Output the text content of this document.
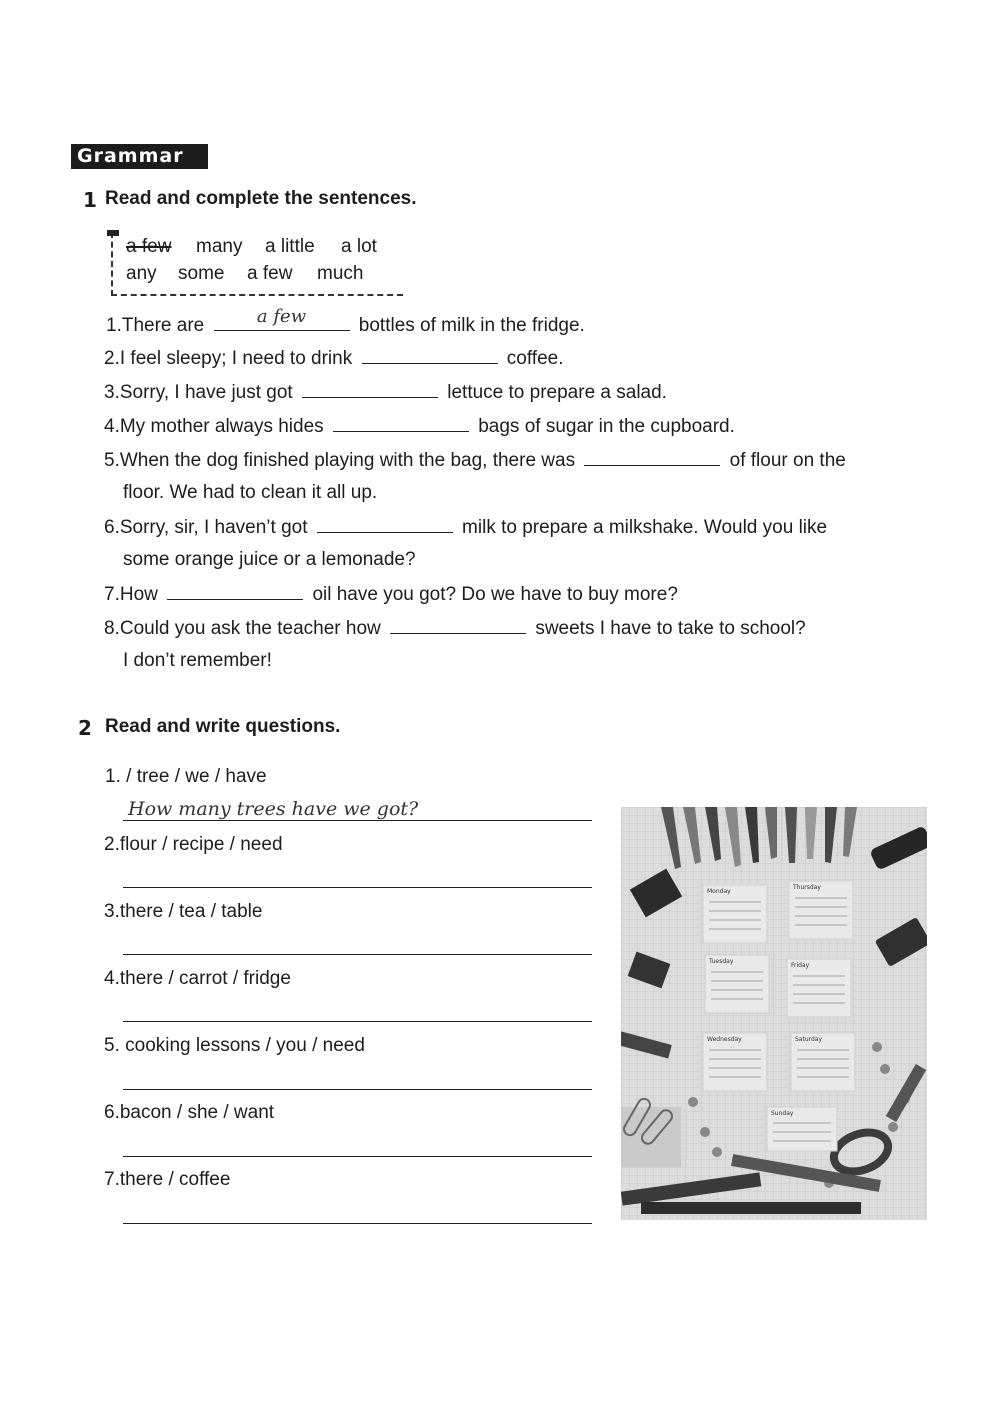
Grammar
1 Read and complete the sentences.
a few many a little a lot
any some a few much
1.There are	a few	bottles of milk in the fridge.
2.I feel sleepy; I need to drink	coffee.
3.Sorry, I have just got	lettuce to prepare a salad.
4.My mother always hides	bags of sugar in the cupboard.
5.When the dog finished playing with the bag, there was	of flour on the
floor. We had to clean it all up.
6.Sorry, sir, I haven’t got	milk to prepare a milkshake. Would you like
some orange juice or a lemonade?
7.How	oil have you got? Do we have to buy more?
8.Could you ask the teacher how	sweets I have to take to school?
I don’t remember!
2 Read and write questions.
1. / tree / we / have
How many trees have we got?
2.flour / recipe / need
3.there / tea / table
4.there / carrot / fridge
5. cooking lessons / you / need
6.bacon / she / want
7.there / coffee
Monday
Thursday
Tuesday
Friday
Wednesday	Saturday
Sunday
